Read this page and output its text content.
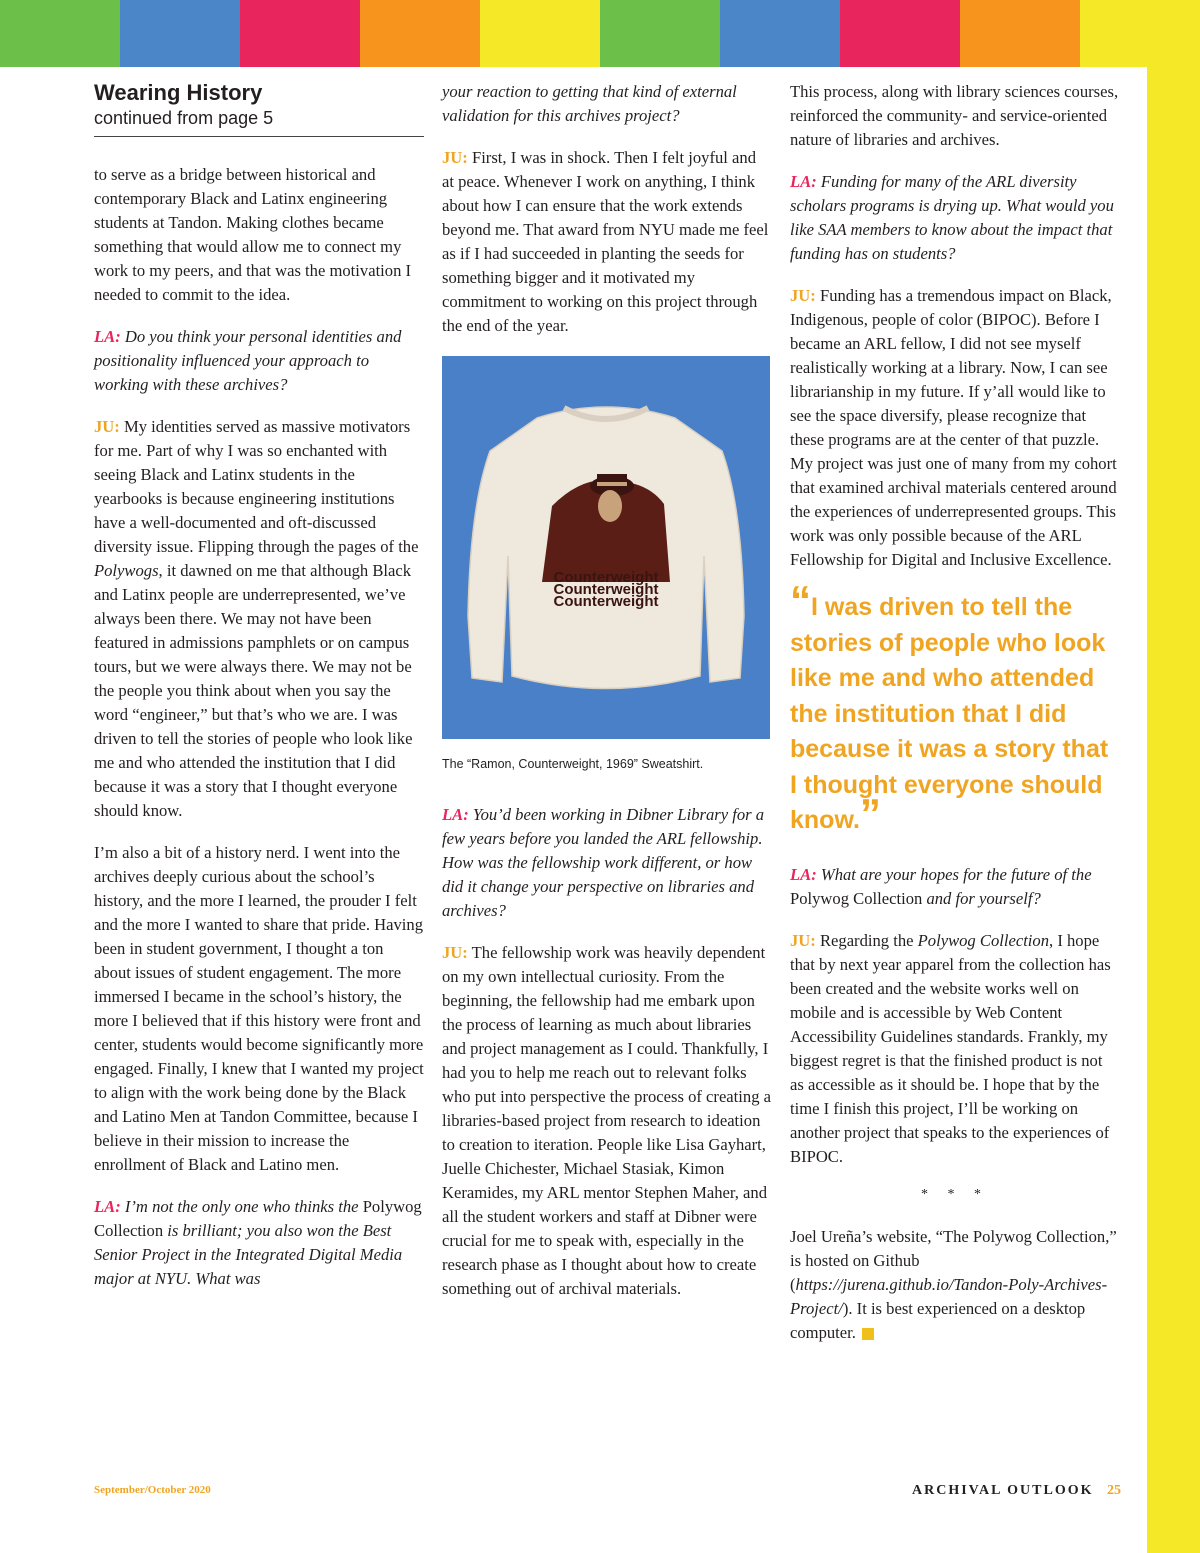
Wearing History
continued from page 5

to serve as a bridge between historical and contemporary Black and Latinx engineering students at Tandon. Making clothes became something that would allow me to connect my work to my peers, and that was the motivation I needed to commit to the idea.

LA: Do you think your personal identities and positionality influenced your approach to working with these archives?

JU: My identities served as massive motivators for me. Part of why I was so enchanted with seeing Black and Latinx students in the yearbooks is because engineering institutions have a well-documented and oft-discussed diversity issue. Flipping through the pages of the Polywogs, it dawned on me that although Black and Latinx people are underrepresented, we’ve always been there. We may not have been featured in admissions pamphlets or on campus tours, but we were always there. We may not be the people you think about when you say the word “engineer,” but that’s who we are. I was driven to tell the stories of people who look like me and who attended the institution that I did because it was a story that I thought everyone should know.

I’m also a bit of a history nerd. I went into the archives deeply curious about the school’s history, and the more I learned, the prouder I felt and the more I wanted to share that pride. Having been in student government, I thought a ton about issues of student engagement. The more immersed I became in the school’s history, the more I believed that if this history were front and center, students would become significantly more engaged. Finally, I knew that I wanted my project to align with the work being done by the Black and Latino Men at Tandon Committee, because I believe in their mission to increase the enrollment of Black and Latino men.

LA: I’m not the only one who thinks the Polywog Collection is brilliant; you also won the Best Senior Project in the Integrated Digital Media major at NYU. What was

your reaction to getting that kind of external validation for this archives project?

JU: First, I was in shock. Then I felt joyful and at peace. Whenever I work on anything, I think about how I can ensure that the work extends beyond me. That award from NYU made me feel as if I had succeeded in planting the seeds for something bigger and it motivated my commitment to working on this project through the end of the year.

Counterweight
Counterweight
Counterweight
The “Ramon, Counterweight, 1969” Sweatshirt.

LA: You’d been working in Dibner Library for a few years before you landed the ARL fellowship. How was the fellowship work different, or how did it change your perspective on libraries and archives?

JU: The fellowship work was heavily dependent on my own intellectual curiosity. From the beginning, the fellowship had me embark upon the process of learning as much about libraries and project management as I could. Thankfully, I had you to help me reach out to relevant folks who put into perspective the process of creating a libraries-based project from research to ideation to creation to iteration. People like Lisa Gayhart, Juelle Chichester, Michael Stasiak, Kimon Keramides, my ARL mentor Stephen Maher, and all the student workers and staff at Dibner were crucial for me to speak with, especially in the research phase as I thought about how to create something out of archival materials.

This process, along with library sciences courses, reinforced the community- and service-oriented nature of libraries and archives.

LA: Funding for many of the ARL diversity scholars programs is drying up. What would you like SAA members to know about the impact that funding has on students?

JU: Funding has a tremendous impact on Black, Indigenous, people of color (BIPOC). Before I became an ARL fellow, I did not see myself realistically working at a library. Now, I can see librarianship in my future. If y’all would like to see the space diversify, please recognize that these programs are at the center of that puzzle. My project was just one of many from my cohort that examined archival materials centered around the experiences of underrepresented groups. This work was only possible because of the ARL Fellowship for Digital and Inclusive Excellence.

“I was driven to tell the stories of people who look like me and who attended the institution that I did because it was a story that I thought everyone should know.”

LA: What are your hopes for the future of the Polywog Collection and for yourself?

JU: Regarding the Polywog Collection, I hope that by next year apparel from the collection has been created and the website works well on mobile and is accessible by Web Content Accessibility Guidelines standards. Frankly, my biggest regret is that the finished product is not as accessible as it should be. I hope that by the time I finish this project, I’ll be working on another project that speaks to the experiences of BIPOC.

* * *

Joel Ureña’s website, “The Polywog Collection,” is hosted on Github (https://jurena.github.io/Tandon-Poly-Archives-Project/). It is best experienced on a desktop computer.

September/October 2020	ARCHIVAL OUTLOOK 25
